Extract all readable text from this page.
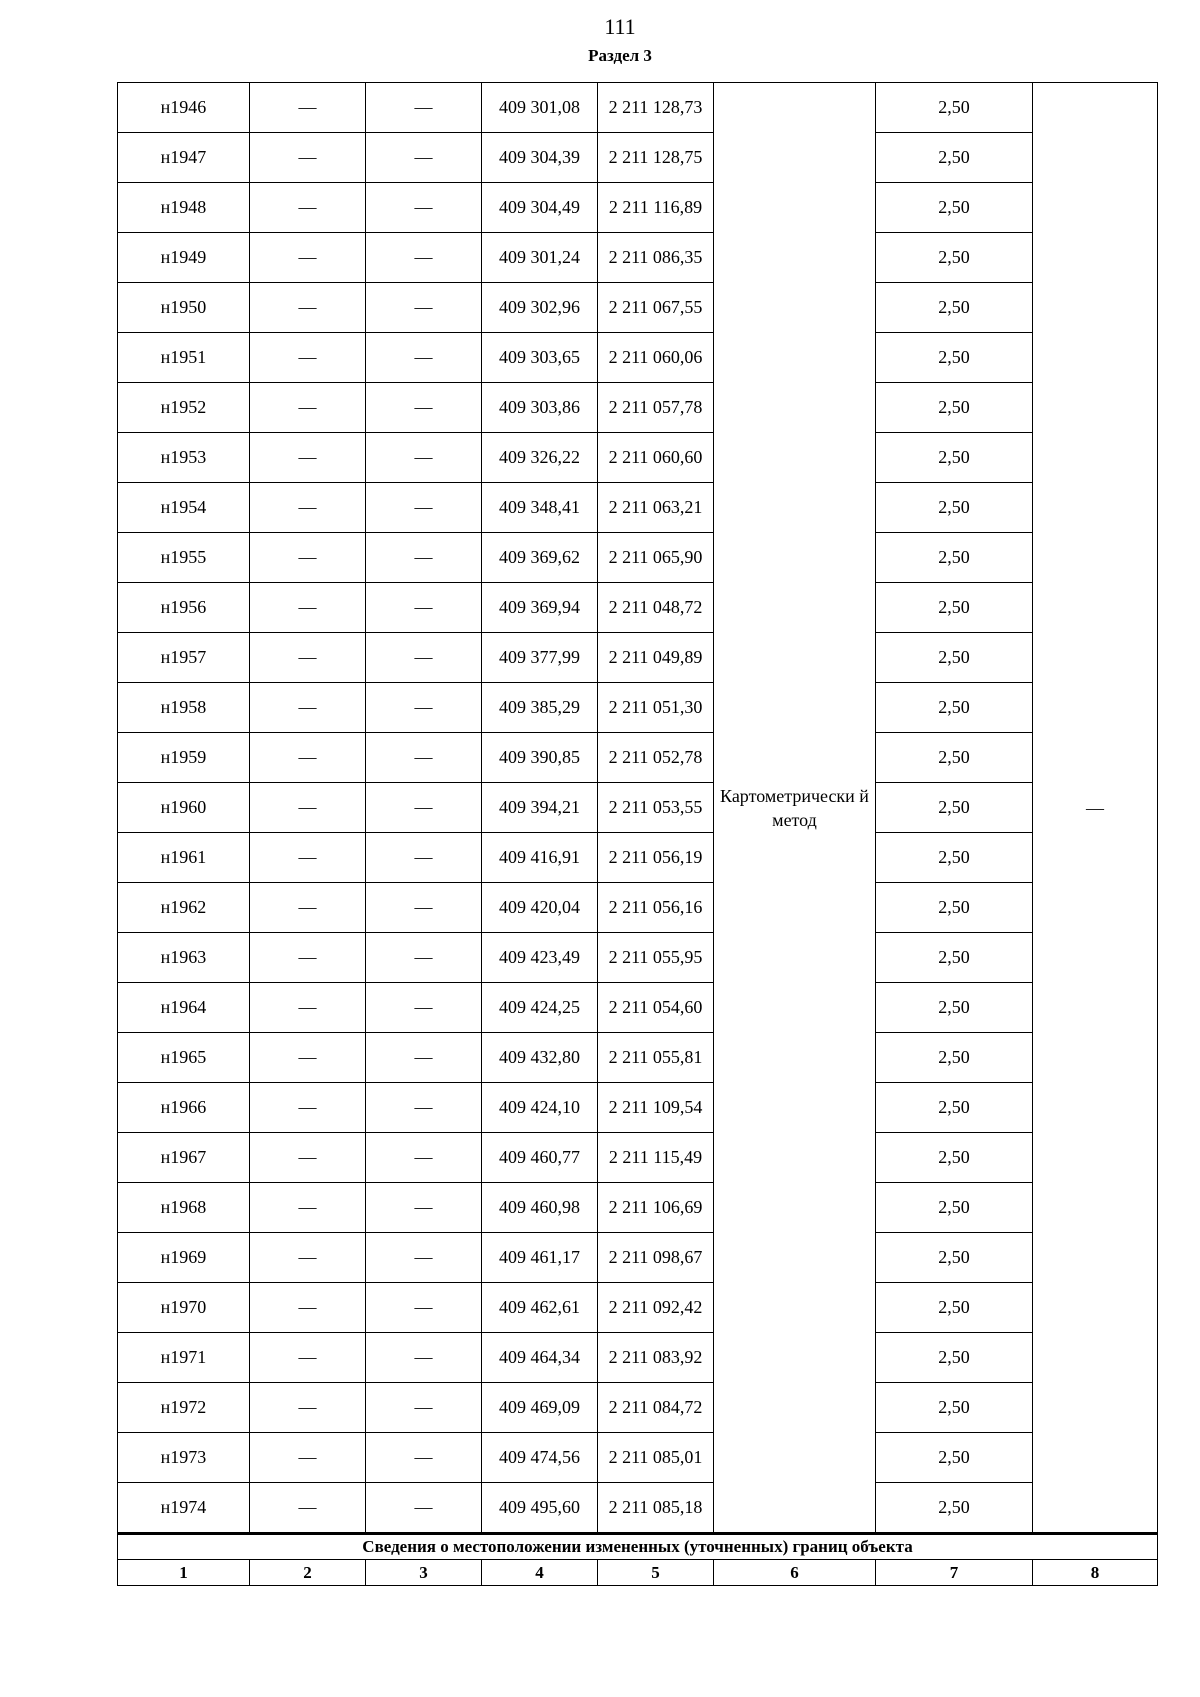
111
Раздел 3
н1946	—	—	409 301,08	2 211 128,73	Картометрически й метод	2,50	—
н1947	—	—	409 304,39	2 211 128,75		2,50	
н1948	—	—	409 304,49	2 211 116,89		2,50	
н1949	—	—	409 301,24	2 211 086,35		2,50	
н1950	—	—	409 302,96	2 211 067,55		2,50	
н1951	—	—	409 303,65	2 211 060,06		2,50	
н1952	—	—	409 303,86	2 211 057,78		2,50	
н1953	—	—	409 326,22	2 211 060,60		2,50	
н1954	—	—	409 348,41	2 211 063,21		2,50	
н1955	—	—	409 369,62	2 211 065,90		2,50	
н1956	—	—	409 369,94	2 211 048,72		2,50	
н1957	—	—	409 377,99	2 211 049,89		2,50	
н1958	—	—	409 385,29	2 211 051,30		2,50	
н1959	—	—	409 390,85	2 211 052,78		2,50	
н1960	—	—	409 394,21	2 211 053,55		2,50	
н1961	—	—	409 416,91	2 211 056,19		2,50	
н1962	—	—	409 420,04	2 211 056,16		2,50	
н1963	—	—	409 423,49	2 211 055,95		2,50	
н1964	—	—	409 424,25	2 211 054,60		2,50	
н1965	—	—	409 432,80	2 211 055,81		2,50	
н1966	—	—	409 424,10	2 211 109,54		2,50	
н1967	—	—	409 460,77	2 211 115,49		2,50	
н1968	—	—	409 460,98	2 211 106,69		2,50	
н1969	—	—	409 461,17	2 211 098,67		2,50	
н1970	—	—	409 462,61	2 211 092,42		2,50	
н1971	—	—	409 464,34	2 211 083,92		2,50	
н1972	—	—	409 469,09	2 211 084,72		2,50	
н1973	—	—	409 474,56	2 211 085,01		2,50	
н1974	—	—	409 495,60	2 211 085,18		2,50	
Сведения о местоположении измененных (уточненных) границ объекта							
1	2	3	4	5	6	7	8
